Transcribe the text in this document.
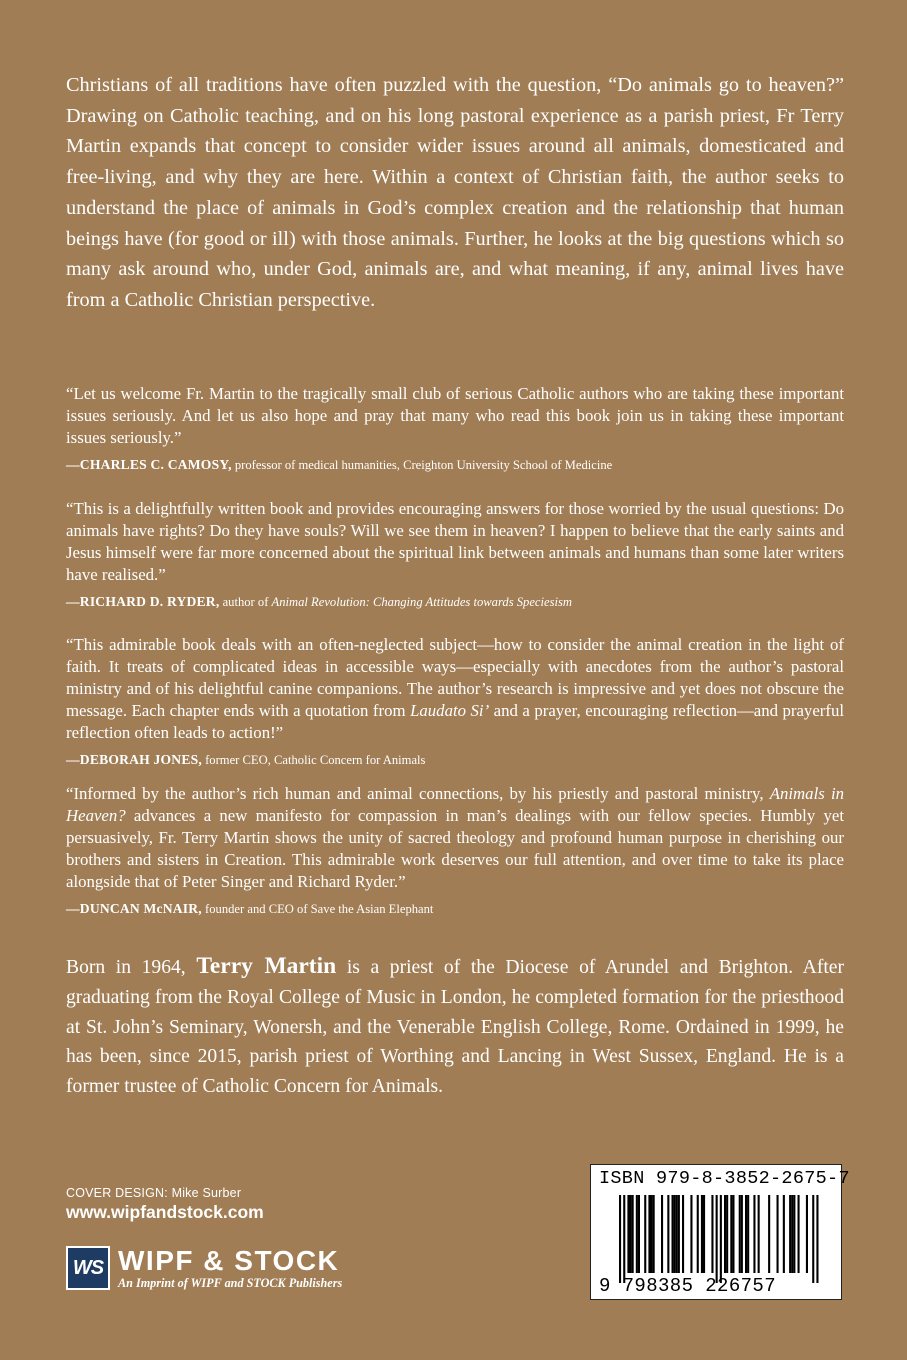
Christians of all traditions have often puzzled with the question, “Do animals go to heaven?” Drawing on Catholic teaching, and on his long pastoral experience as a parish priest, Fr Terry Martin expands that concept to consider wider issues around all animals, domesticated and free-living, and why they are here. Within a context of Christian faith, the author seeks to understand the place of animals in God’s complex creation and the relationship that human beings have (for good or ill) with those animals. Further, he looks at the big questions which so many ask around who, under God, animals are, and what meaning, if any, animal lives have from a Catholic Christian perspective.

“Let us welcome Fr. Martin to the tragically small club of serious Catholic authors who are taking these important issues seriously. And let us also hope and pray that many who read this book join us in taking these important issues seriously.”

—CHARLES C. CAMOSY, professor of medical humanities, Creighton University School of Medicine

“This is a delightfully written book and provides encouraging answers for those worried by the usual questions: Do animals have rights? Do they have souls? Will we see them in heaven? I happen to believe that the early saints and Jesus himself were far more concerned about the spiritual link between animals and humans than some later writers have realised.”

—RICHARD D. RYDER, author of Animal Revolution: Changing Attitudes towards Speciesism

“This admirable book deals with an often-neglected subject—how to consider the animal creation in the light of faith. It treats of complicated ideas in accessible ways—especially with anecdotes from the author’s pastoral ministry and of his delightful canine companions. The author’s research is impressive and yet does not obscure the message. Each chapter ends with a quotation from Laudato Si’ and a prayer, encouraging reflection—and prayerful reflection often leads to action!”

—DEBORAH JONES, former CEO, Catholic Concern for Animals

“Informed by the author’s rich human and animal connections, by his priestly and pastoral ministry, Animals in Heaven? advances a new manifesto for compassion in man’s dealings with our fellow species. Humbly yet persuasively, Fr. Terry Martin shows the unity of sacred theology and profound human purpose in cherishing our brothers and sisters in Creation. This admirable work deserves our full attention, and over time to take its place alongside that of Peter Singer and Richard Ryder.”

—DUNCAN McNAIR, founder and CEO of Save the Asian Elephant

Born in 1964, Terry Martin is a priest of the Diocese of Arundel and Brighton. After graduating from the Royal College of Music in London, he completed formation for the priesthood at St. John’s Seminary, Wonersh, and the Venerable English College, Rome. Ordained in 1999, he has been, since 2015, parish priest of Worthing and Lancing in West Sussex, England. He is a former trustee of Catholic Concern for Animals.

COVER DESIGN: Mike Surber
www.wipfandstock.com
WS WIPF & STOCK
An Imprint of WIPF and STOCK Publishers
ISBN 979-8-3852-2675-7
9 798385 226757
